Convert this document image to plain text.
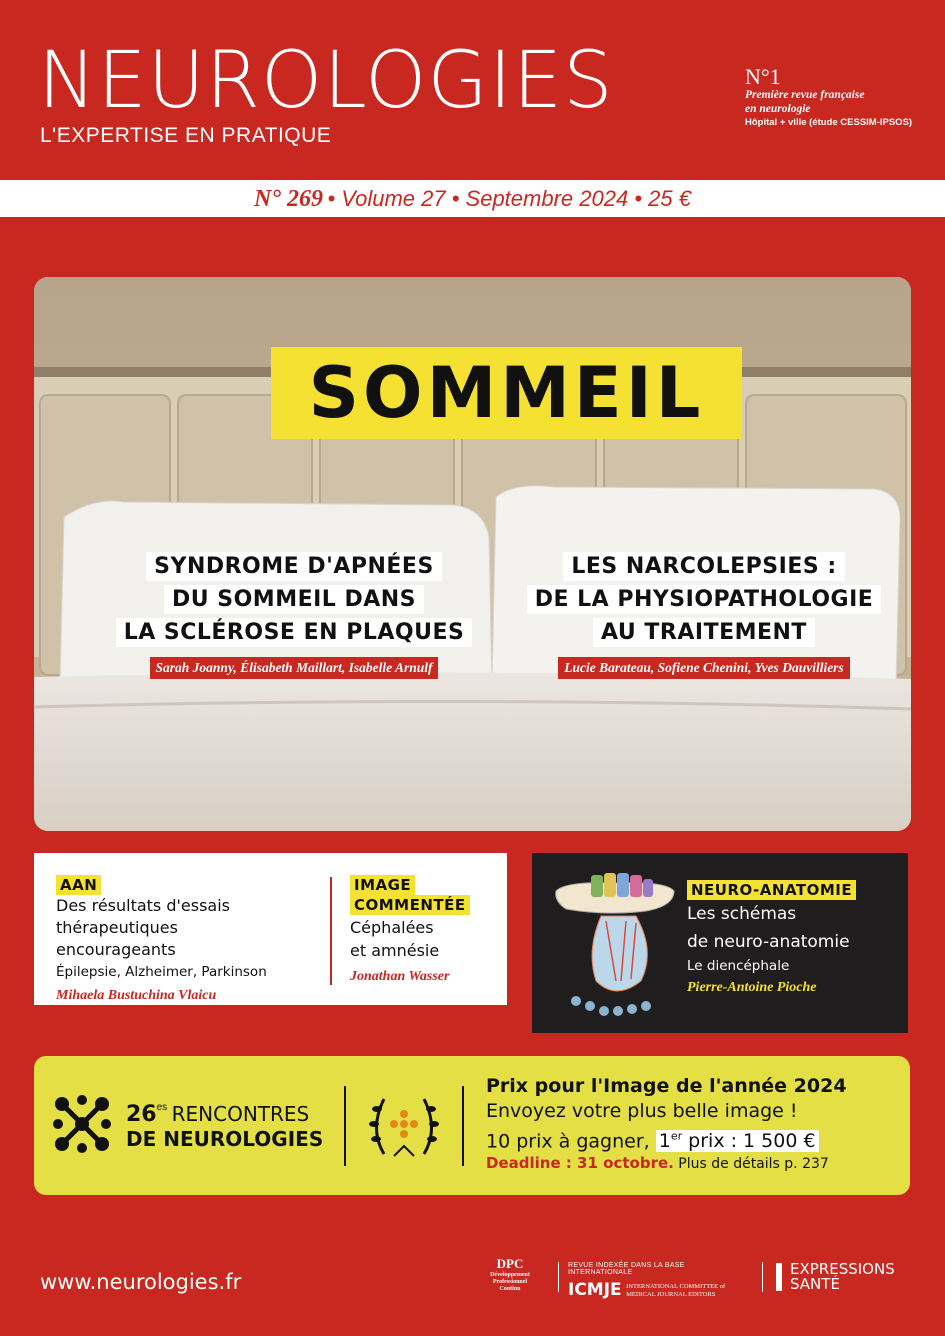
NEUROLOGIES
L'EXPERTISE EN PRATIQUE
N°1
Première revue française
en neurologie
Hôpital + ville (étude CESSIM-IPSOS)
N° 269 • Volume 27 • Septembre 2024 • 25 €
SOMMEIL
SYNDROME D'APNÉES
DU SOMMEIL DANS
LA SCLÉROSE EN PLAQUES
Sarah Joanny, Élisabeth Maillart, Isabelle Arnulf
LES NARCOLEPSIES :
DE LA PHYSIOPATHOLOGIE
AU TRAITEMENT
Lucie Barateau, Sofiene Chenini, Yves Dauvilliers
AAN
Des résultats d'essais
thérapeutiques
encourageants
Épilepsie, Alzheimer, Parkinson
Mihaela Bustuchina Vlaicu
IMAGE
COMMENTÉE
Céphalées
et amnésie
Jonathan Wasser
NEURO-ANATOMIE
Les schémas
de neuro-anatomie
Le diencéphale
Pierre-Antoine Pioche
$26^{es}$ RENCONTRES
DE NEUROLOGIES
Prix pour l'Image de l'année 2024
Envoyez votre plus belle image !
10 prix à gagner, 1er prix : 1 500 €
Deadline : 31 octobre. Plus de détails p. 237
www.neurologies.fr
DPC
Développement
Professionnel
Continu
REVUE INDEXÉE DANS LA BASE INTERNATIONALE
ICMJE INTERNATIONAL COMMITTEE of
MEDICAL JOURNAL EDITORS
EXPRESSIONS
SANTÉ
